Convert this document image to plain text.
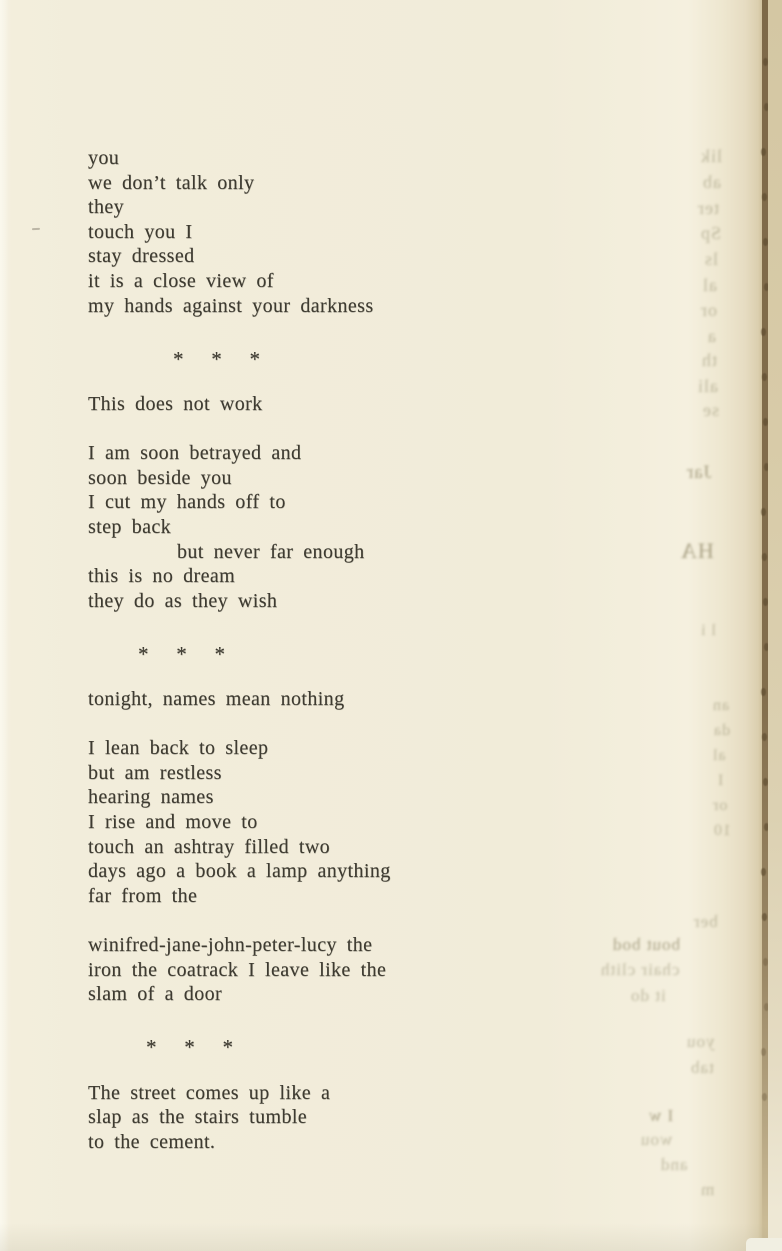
you
we don’t talk only
they
touch you I
stay dressed
it is a close view of
my hands against your darkness

* * *

This does not work

I am soon betrayed and
soon beside you
I cut my hands off to
step back
but never far enough
this is no dream
they do as they wish

* * *

tonight, names mean nothing

I lean back to sleep
but am restless
hearing names
I rise and move to
touch an ashtray filled two
days ago a book a lamp anything
far from the

winifred-jane-john-peter-lucy the
iron the coatrack I leave like the
slam of a door

* * *

The street comes up like a
slap as the stairs tumble
to the cement.
lik
ab
ter
Sp
ls
al
or
a
th
ali
se
Jar
HA
l i
an
da
al
I
or
10
ber
bout bod
chair clith
it do
you
tab
I w
wou
and
m
